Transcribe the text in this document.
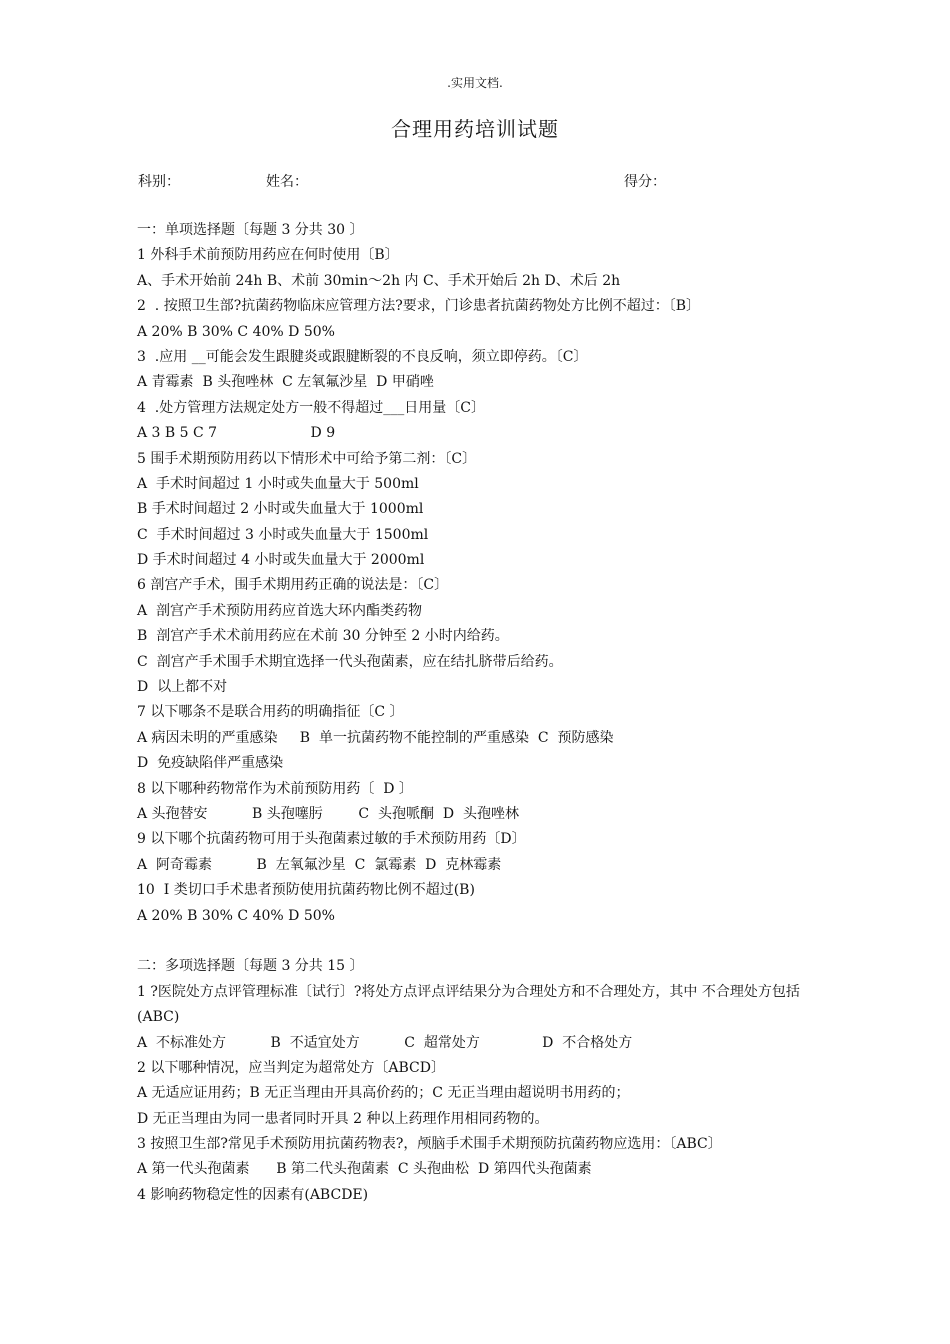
.实用文档.
合理用药培训试题
科别：	姓名：	得分：
一：单项选择题〔每题 3 分共 30 〕
1 外科手术前预防用药应在何时使用〔B〕
A、手术开始前 24h B、术前 30min～2h 内 C、手术开始后 2h D、术后 2h
2  . 按照卫生部?抗菌药物临床应管理方法?要求，门诊患者抗菌药物处方比例不超过：〔B〕
A 20% B 30% C 40% D 50%
3  .应用 __可能会发生跟腱炎或跟腱断裂的不良反响，须立即停药。〔C〕
A 青霉素  B 头孢唑林  C 左氧氟沙星  D 甲硝唑
4  .处方管理方法规定处方一般不得超过___日用量〔C〕
A 3 B 5 C 7                     D 9
5 围手术期预防用药以下情形术中可给予第二剂：〔C〕
A  手术时间超过 1 小时或失血量大于 500ml
B 手术时间超过 2 小时或失血量大于 1000ml
C  手术时间超过 3 小时或失血量大于 1500ml
D 手术时间超过 4 小时或失血量大于 2000ml
6 剖宫产手术，围手术期用药正确的说法是：〔C〕
A  剖宫产手术预防用药应首选大环内酯类药物
B  剖宫产手术术前用药应在术前 30 分钟至 2 小时内给药。
C  剖宫产手术围手术期宜选择一代头孢菌素，应在结扎脐带后给药。
D  以上都不对
7 以下哪条不是联合用药的明确指征〔C 〕
A 病因未明的严重感染     B  单一抗菌药物不能控制的严重感染  C  预防感染
D  免疫缺陷伴严重感染
8 以下哪种药物常作为术前预防用药〔  D 〕
A 头孢替安          B 头孢噻肟        C  头孢哌酮  D  头孢唑林
9 以下哪个抗菌药物可用于头孢菌素过敏的手术预防用药〔D〕
A  阿奇霉素          B  左氧氟沙星  C  氯霉素  D  克林霉素
10  I 类切口手术患者预防使用抗菌药物比例不超过(B)
A 20% B 30% C 40% D 50%
二：多项选择题〔每题 3 分共 15 〕
1 ?医院处方点评管理标准〔试行〕?将处方点评点评结果分为合理处方和不合理处方，其中 不合理处方包括(ABC)
A  不标准处方          B  不适宜处方          C  超常处方              D  不合格处方
2 以下哪种情况，应当判定为超常处方〔ABCD〕
A 无适应证用药；B 无正当理由开具高价药的；C 无正当理由超说明书用药的；
D 无正当理由为同一患者同时开具 2 种以上药理作用相同药物的。
3 按照卫生部?常见手术预防用抗菌药物表?，颅脑手术围手术期预防抗菌药物应选用：〔ABC〕
A 第一代头孢菌素      B 第二代头孢菌素  C 头孢曲松  D 第四代头孢菌素
4 影响药物稳定性的因素有(ABCDE)
